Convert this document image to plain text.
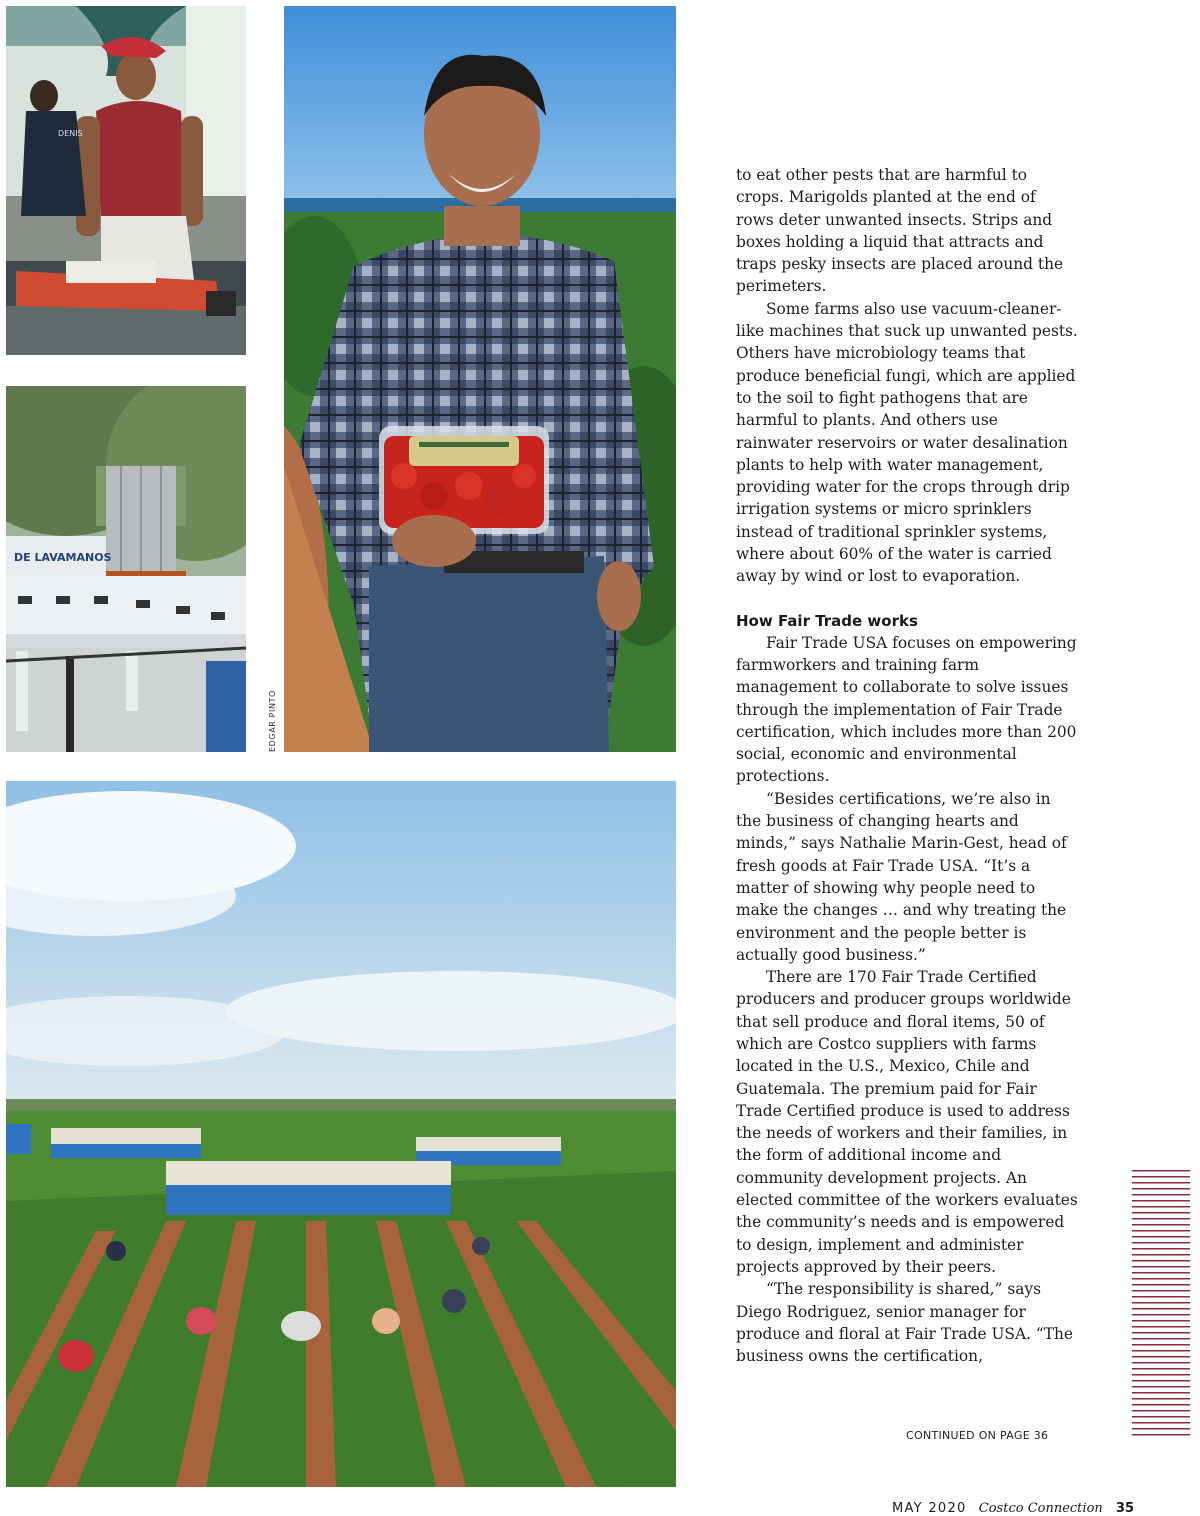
DENIS
DE LAVAMANOS
EDGAR PINTO

to eat other pests that are harmful to crops. Marigolds planted at the end of rows deter unwanted insects. Strips and boxes holding a liquid that attracts and traps pesky insects are placed around the perimeters.

Some farms also use vacuum-cleaner-like machines that suck up unwanted pests. Others have microbiology teams that produce beneficial fungi, which are applied to the soil to fight pathogens that are harmful to plants. And others use rainwater reservoirs or water desalination plants to help with water management, providing water for the crops through drip irrigation systems or micro sprinklers instead of traditional sprinkler systems, where about 60% of the water is carried away by wind or lost to evaporation.

How Fair Trade works

Fair Trade USA focuses on empowering farmworkers and training farm management to collaborate to solve issues through the implementation of Fair Trade certification, which includes more than 200 social, economic and environmental protections.

“Besides certifications, we’re also in the business of changing hearts and minds,” says Nathalie Marin-Gest, head of fresh goods at Fair Trade USA. “It’s a matter of showing why people need to make the changes … and why treating the environment and the people better is actually good business.”

There are 170 Fair Trade Certified producers and producer groups worldwide that sell produce and floral items, 50 of which are Costco suppliers with farms located in the U.S., Mexico, Chile and Guatemala. The premium paid for Fair Trade Certified produce is used to address the needs of workers and their families, in the form of additional income and community development projects. An elected committee of the workers evaluates the community’s needs and is empowered to design, implement and administer projects approved by their peers.

“The responsibility is shared,” says Diego Rodriguez, senior manager for produce and floral at Fair Trade USA. “The business owns the certification,

CONTINUED ON PAGE 36
MAY 2020 Costco Connection 35
